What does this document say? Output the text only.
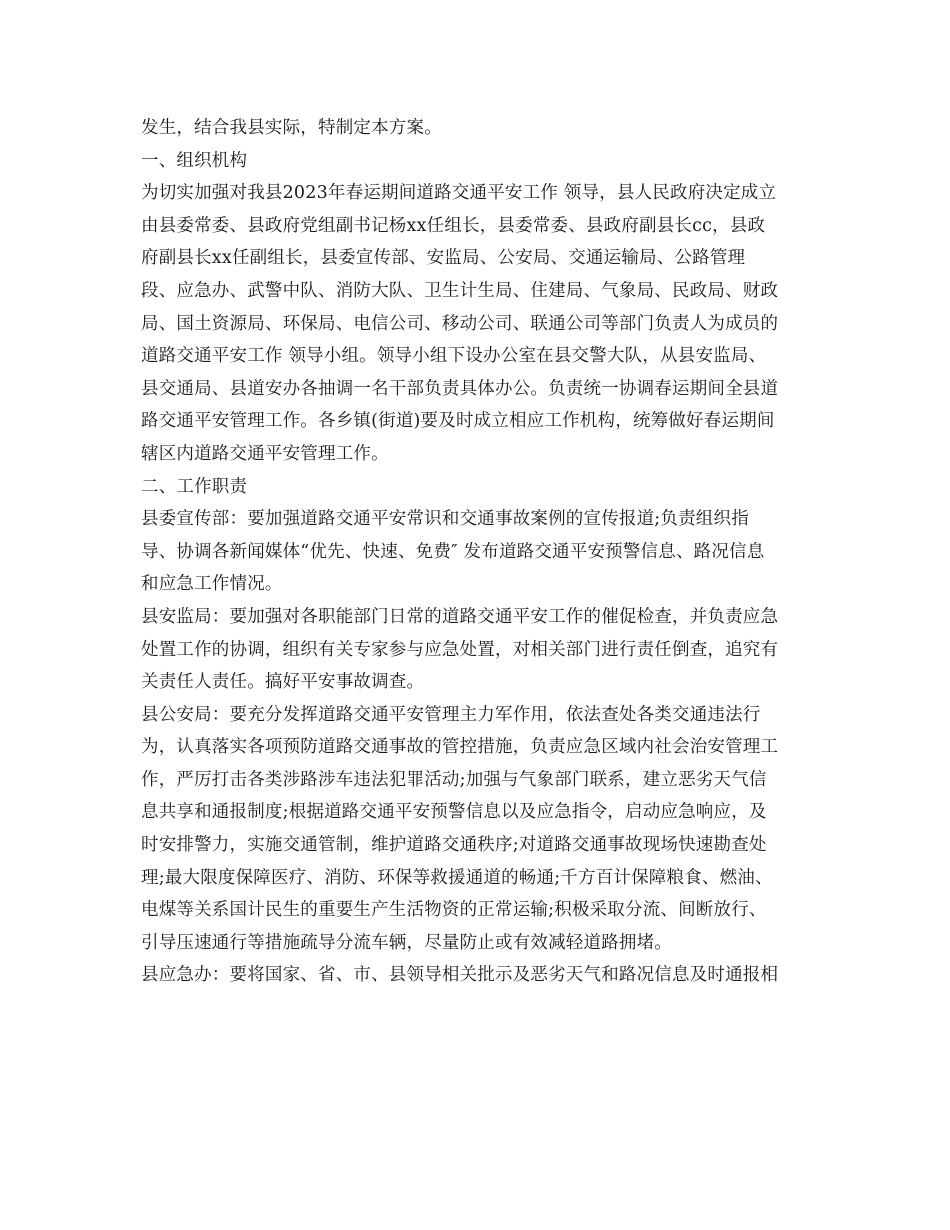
发生，结合我县实际，特制定本方案。
一、组织机构
为切实加强对我县2023年春运期间道路交通平安工作 领导，县人民政府决定成立
由县委常委、县政府党组副书记杨xx任组长，县委常委、县政府副县长cc，县政
府副县长xx任副组长，县委宣传部、安监局、公安局、交通运输局、公路管理
段、应急办、武警中队、消防大队、卫生计生局、住建局、气象局、民政局、财政
局、国土资源局、环保局、电信公司、移动公司、联通公司等部门负责人为成员的
道路交通平安工作 领导小组。领导小组下设办公室在县交警大队，从县安监局、
县交通局、县道安办各抽调一名干部负责具体办公。负责统一协调春运期间全县道
路交通平安管理工作。各乡镇(街道)要及时成立相应工作机构，统筹做好春运期间
辖区内道路交通平安管理工作。
二、工作职责
县委宣传部：要加强道路交通平安常识和交通事故案例的宣传报道;负责组织指
导、协调各新闻媒体“优先、快速、免费″ 发布道路交通平安预警信息、路况信息
和应急工作情况。
县安监局：要加强对各职能部门日常的道路交通平安工作的催促检查，并负责应急
处置工作的协调，组织有关专家参与应急处置，对相关部门进行责任倒查，追究有
关责任人责任。搞好平安事故调查。
县公安局：要充分发挥道路交通平安管理主力军作用，依法查处各类交通违法行
为，认真落实各项预防道路交通事故的管控措施，负责应急区域内社会治安管理工
作，严厉打击各类涉路涉车违法犯罪活动;加强与气象部门联系，建立恶劣天气信
息共享和通报制度;根据道路交通平安预警信息以及应急指令，启动应急响应，及
时安排警力，实施交通管制，维护道路交通秩序;对道路交通事故现场快速勘查处
理;最大限度保障医疗、消防、环保等救援通道的畅通;千方百计保障粮食、燃油、
电煤等关系国计民生的重要生产生活物资的正常运输;积极采取分流、间断放行、
引导压速通行等措施疏导分流车辆，尽量防止或有效减轻道路拥堵。
县应急办：要将国家、省、市、县领导相关批示及恶劣天气和路况信息及时通报相
